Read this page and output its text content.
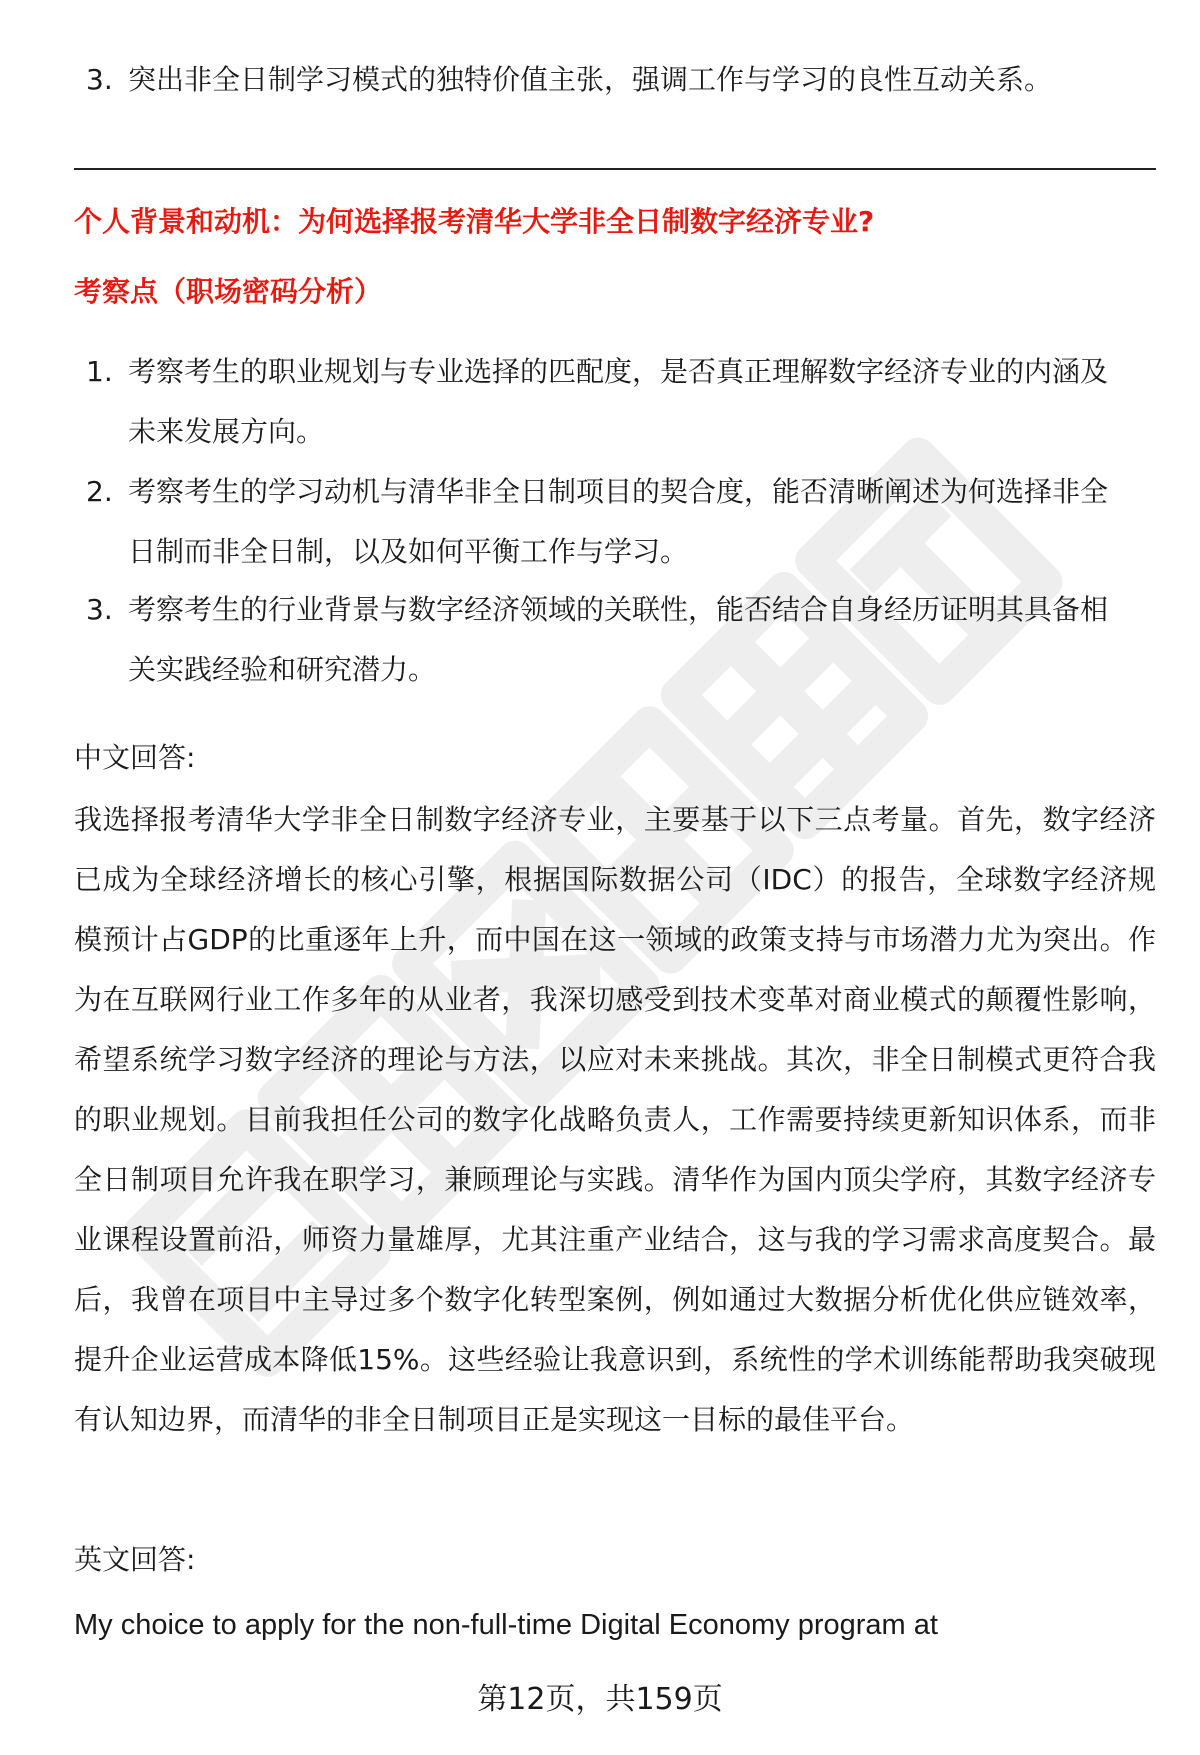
3. 突出非全日制学习模式的独特价值主张，强调工作与学习的良性互动关系。
个人背景和动机：为何选择报考清华大学非全日制数字经济专业?
考察点（职场密码分析）
1. 考察考生的职业规划与专业选择的匹配度，是否真正理解数字经济专业的内涵及未来发展方向。
2. 考察考生的学习动机与清华非全日制项目的契合度，能否清晰阐述为何选择非全日制而非全日制，以及如何平衡工作与学习。
3. 考察考生的行业背景与数字经济领域的关联性，能否结合自身经历证明其具备相关实践经验和研究潜力。
中文回答:
我选择报考清华大学非全日制数字经济专业，主要基于以下三点考量。首先，数字经济已成为全球经济增长的核心引擎，根据国际数据公司（IDC）的报告，全球数字经济规模预计占GDP的比重逐年上升，而中国在这一领域的政策支持与市场潜力尤为突出。作为在互联网行业工作多年的从业者，我深切感受到技术变革对商业模式的颠覆性影响，希望系统学习数字经济的理论与方法，以应对未来挑战。其次，非全日制模式更符合我的职业规划。目前我担任公司的数字化战略负责人，工作需要持续更新知识体系，而非全日制项目允许我在职学习，兼顾理论与实践。清华作为国内顶尖学府，其数字经济专业课程设置前沿，师资力量雄厚，尤其注重产业结合，这与我的学习需求高度契合。最后，我曾在项目中主导过多个数字化转型案例，例如通过大数据分析优化供应链效率，提升企业运营成本降低15%。这些经验让我意识到，系统性的学术训练能帮助我突破现有认知边界，而清华的非全日制项目正是实现这一目标的最佳平台。
英文回答:
My choice to apply for the non-full-time Digital Economy program at
第12页，共159页
